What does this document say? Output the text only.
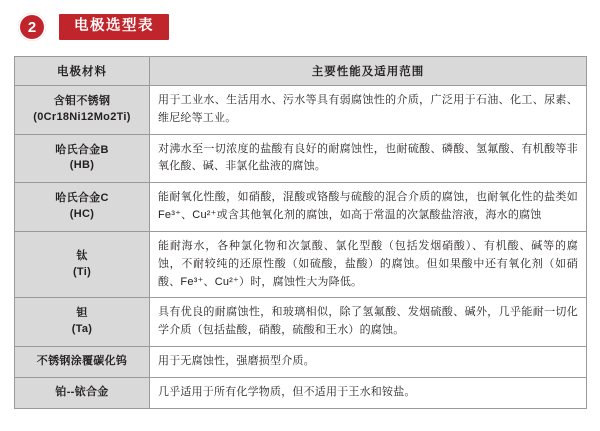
2	电极选型表
电极材料	主要性能及适用范围

含钼不锈钢
(0Cr18Ni12Mo2Ti)	用于工业水、生活用水、污水等具有弱腐蚀性的介质，广泛用于石油、化工、尿素、维尼纶等工业。

哈氏合金B
(HB)	对沸水至一切浓度的盐酸有良好的耐腐蚀性，也耐硫酸、磷酸、氢氟酸、有机酸等非氧化酸、碱、非氯化盐液的腐蚀。

哈氏合金C
(HC)	能耐氧化性酸，如硝酸，混酸或铬酸与硫酸的混合介质的腐蚀，也耐氧化性的盐类如Fe³⁺、Cu²⁺或含其他氧化剂的腐蚀，如高于常温的次氯酸盐溶液，海水的腐蚀

钛
(Ti)	能耐海水，各种氯化物和次氯酸、氯化型酸（包括发烟硝酸）、有机酸、碱等的腐蚀，不耐较纯的还原性酸（如硫酸，盐酸）的腐蚀。但如果酸中还有氧化剂（如硝酸、Fe³⁺、Cu²⁺）时，腐蚀性大为降低。

钽
(Ta)	具有优良的耐腐蚀性，和玻璃相似，除了氢氟酸、发烟硫酸、碱外，几乎能耐一切化学介质（包括盐酸，硝酸，硫酸和王水）的腐蚀。

不锈钢涂覆碳化钨	用于无腐蚀性，强磨损型介质。

铂--铱合金	几乎适用于所有化学物质，但不适用于王水和铵盐。
